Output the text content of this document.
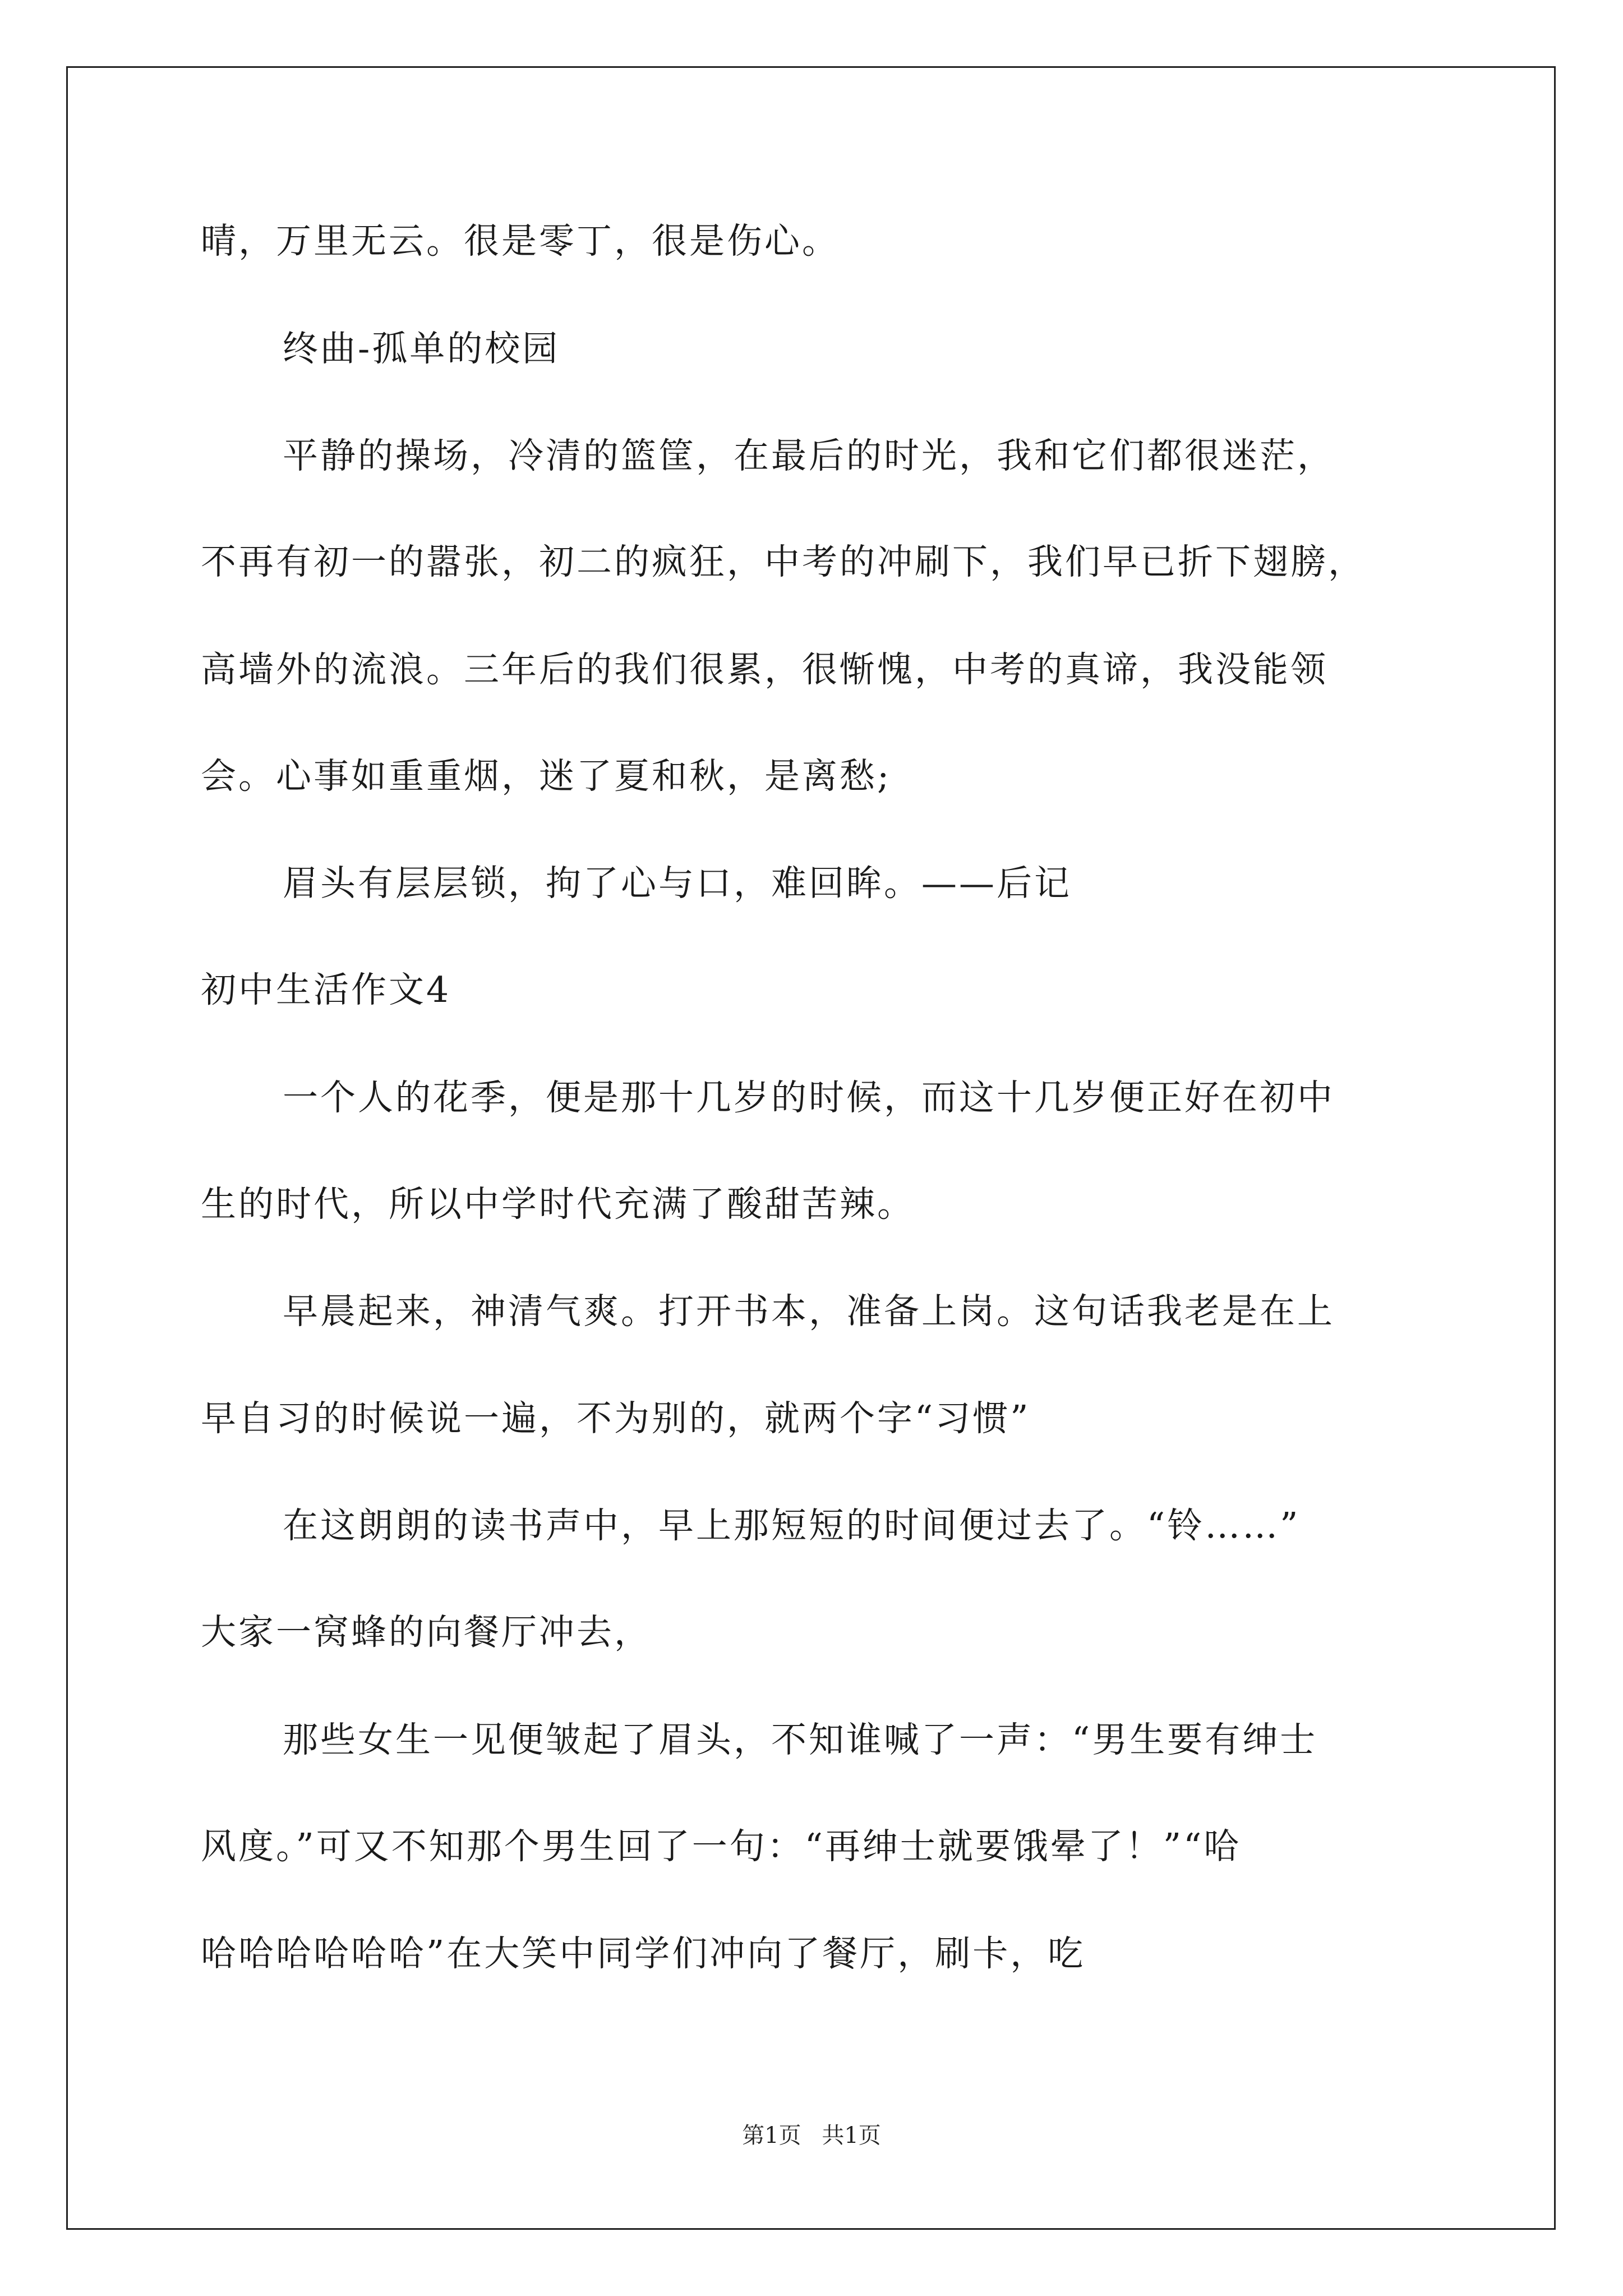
晴，万里无云。很是零丁，很是伤心。
终曲-孤单的校园
平静的操场，冷清的篮筐，在最后的时光，我和它们都很迷茫，
不再有初一的嚣张，初二的疯狂，中考的冲刷下，我们早已折下翅膀，
高墙外的流浪。三年后的我们很累，很惭愧，中考的真谛，我没能领
会。心事如重重烟，迷了夏和秋，是离愁;
眉头有层层锁，拘了心与口，难回眸。——后记
初中生活作文4
一个人的花季，便是那十几岁的时候，而这十几岁便正好在初中
生的时代，所以中学时代充满了酸甜苦辣。
早晨起来，神清气爽。打开书本，准备上岗。这句话我老是在上
早自习的时候说一遍，不为别的，就两个字“习惯”
在这朗朗的读书声中，早上那短短的时间便过去了。“铃……”
大家一窝蜂的向餐厅冲去，
那些女生一见便皱起了眉头，不知谁喊了一声：“男生要有绅士
风度。”可又不知那个男生回了一句：“再绅士就要饿晕了！”“哈
哈哈哈哈哈哈”在大笑中同学们冲向了餐厅，刷卡，吃
第1页 共1页
